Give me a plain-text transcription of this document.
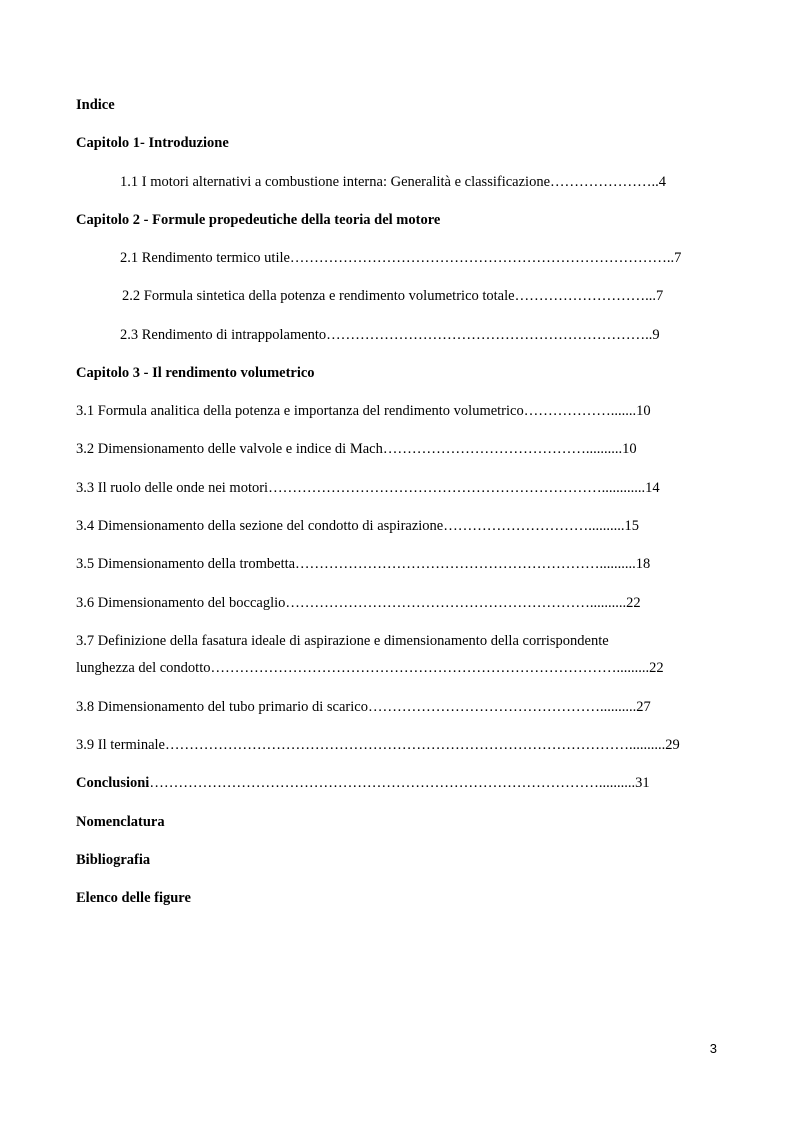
Indice
Capitolo 1- Introduzione
1.1 I motori alternativi a combustione interna: Generalità e classificazione…………………..4
Capitolo 2 - Formule propedeutiche della teoria del motore
2.1 Rendimento termico utile……………………………………………………………………..7
2.2 Formula sintetica della potenza e rendimento volumetrico totale………………………...7
2.3 Rendimento di intrappolamento…………………………………………………………..9
Capitolo 3 - Il rendimento volumetrico
3.1 Formula analitica della potenza e importanza del rendimento volumetrico……………….......10
3.2 Dimensionamento delle valvole e indice di Mach……………………………………..........10
3.3 Il ruolo delle onde nei motori……………………………………………………………............14
3.4 Dimensionamento della sezione del condotto di aspirazione…………………………..........15
3.5 Dimensionamento della trombetta………………………………………………………..........18
3.6 Dimensionamento del boccaglio………………………………………………………..........22
3.7 Definizione della fasatura ideale di aspirazione e dimensionamento della corrispondente
lunghezza del condotto………………………………………………………………………….........22
3.8 Dimensionamento del tubo primario di scarico…………………………………………..........27
3.9 Il terminale……………………………………………………………………………………..........29
Conclusioni…………………………………………………………………………………..........31
Nomenclatura
Bibliografia
Elenco delle figure
3
